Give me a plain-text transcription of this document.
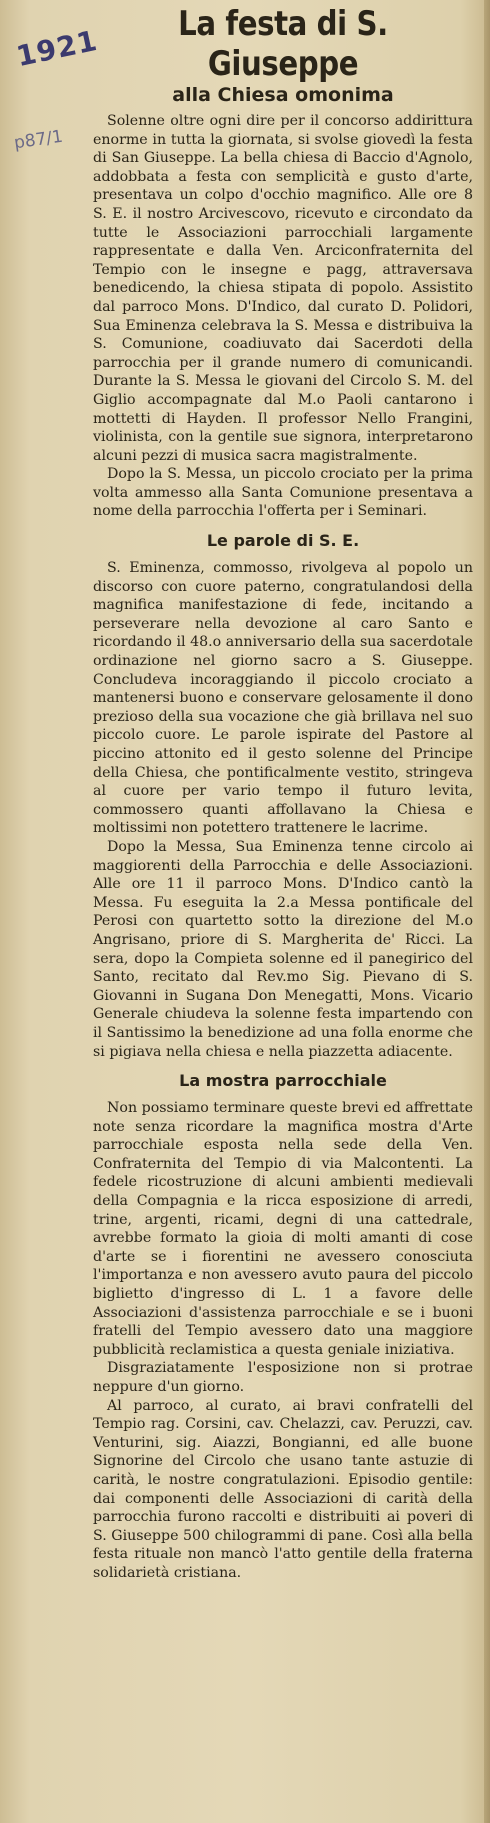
1921
p87/1
La festa di S. Giuseppe
alla Chiesa omonima

Solenne oltre ogni dire per il concorso addirittura enorme in tutta la giornata, si svolse giovedì la festa di San Giuseppe. La bella chiesa di Baccio d'Agnolo, addobbata a festa con semplicità e gusto d'arte, presentava un colpo d'occhio magnifico. Alle ore 8 S. E. il nostro Arcivescovo, ricevuto e circondato da tutte le Associazioni parrocchiali largamente rappresentate e dalla Ven. Arciconfraternita del Tempio con le insegne e pagg, attraversava benedicendo, la chiesa stipata di popolo. Assistito dal parroco Mons. D'Indico, dal curato D. Polidori, Sua Eminenza celebrava la S. Messa e distribuiva la S. Comunione, coadiuvato dai Sacerdoti della parrocchia per il grande numero di comunicandi. Durante la S. Messa le giovani del Circolo S. M. del Giglio accompagnate dal M.o Paoli cantarono i mottetti di Hayden. Il professor Nello Frangini, violinista, con la gentile sue signora, interpretarono alcuni pezzi di musica sacra magistralmente.

Dopo la S. Messa, un piccolo crociato per la prima volta ammesso alla Santa Comunione presentava a nome della parrocchia l'offerta per i Seminari.

Le parole di S. E.

S. Eminenza, commosso, rivolgeva al popolo un discorso con cuore paterno, congratulandosi della magnifica manifestazione di fede, incitando a perseverare nella devozione al caro Santo e ricordando il 48.o anniversario della sua sacerdotale ordinazione nel giorno sacro a S. Giuseppe. Concludeva incoraggiando il piccolo crociato a mantenersi buono e conservare gelosamente il dono prezioso della sua vocazione che già brillava nel suo piccolo cuore. Le parole ispirate del Pastore al piccino attonito ed il gesto solenne del Principe della Chiesa, che pontificalmente vestito, stringeva al cuore per vario tempo il futuro levita, commossero quanti affollavano la Chiesa e moltissimi non potettero trattenere le lacrime.

Dopo la Messa, Sua Eminenza tenne circolo ai maggiorenti della Parrocchia e delle Associazioni. Alle ore 11 il parroco Mons. D'Indico cantò la Messa. Fu eseguita la 2.a Messa pontificale del Perosi con quartetto sotto la direzione del M.o Angrisano, priore di S. Margherita de' Ricci. La sera, dopo la Compieta solenne ed il panegirico del Santo, recitato dal Rev.mo Sig. Pievano di S. Giovanni in Sugana Don Menegatti, Mons. Vicario Generale chiudeva la solenne festa impartendo con il Santissimo la benedizione ad una folla enorme che si pigiava nella chiesa e nella piazzetta adiacente.

La mostra parrocchiale

Non possiamo terminare queste brevi ed affrettate note senza ricordare la magnifica mostra d'Arte parrocchiale esposta nella sede della Ven. Confraternita del Tempio di via Malcontenti. La fedele ricostruzione di alcuni ambienti medievali della Compagnia e la ricca esposizione di arredi, trine, argenti, ricami, degni di una cattedrale, avrebbe formato la gioia di molti amanti di cose d'arte se i fiorentini ne avessero conosciuta l'importanza e non avessero avuto paura del piccolo biglietto d'ingresso di L. 1 a favore delle Associazioni d'assistenza parrocchiale e se i buoni fratelli del Tempio avessero dato una maggiore pubblicità reclamistica a questa geniale iniziativa.

Disgraziatamente l'esposizione non si protrae neppure d'un giorno.

Al parroco, al curato, ai bravi confratelli del Tempio rag. Corsini, cav. Chelazzi, cav. Peruzzi, cav. Venturini, sig. Aiazzi, Bongianni, ed alle buone Signorine del Circolo che usano tante astuzie di carità, le nostre congratulazioni. Episodio gentile: dai componenti delle Associazioni di carità della parrocchia furono raccolti e distribuiti ai poveri di S. Giuseppe 500 chilogrammi di pane. Così alla bella festa rituale non mancò l'atto gentile della fraterna solidarietà cristiana.
